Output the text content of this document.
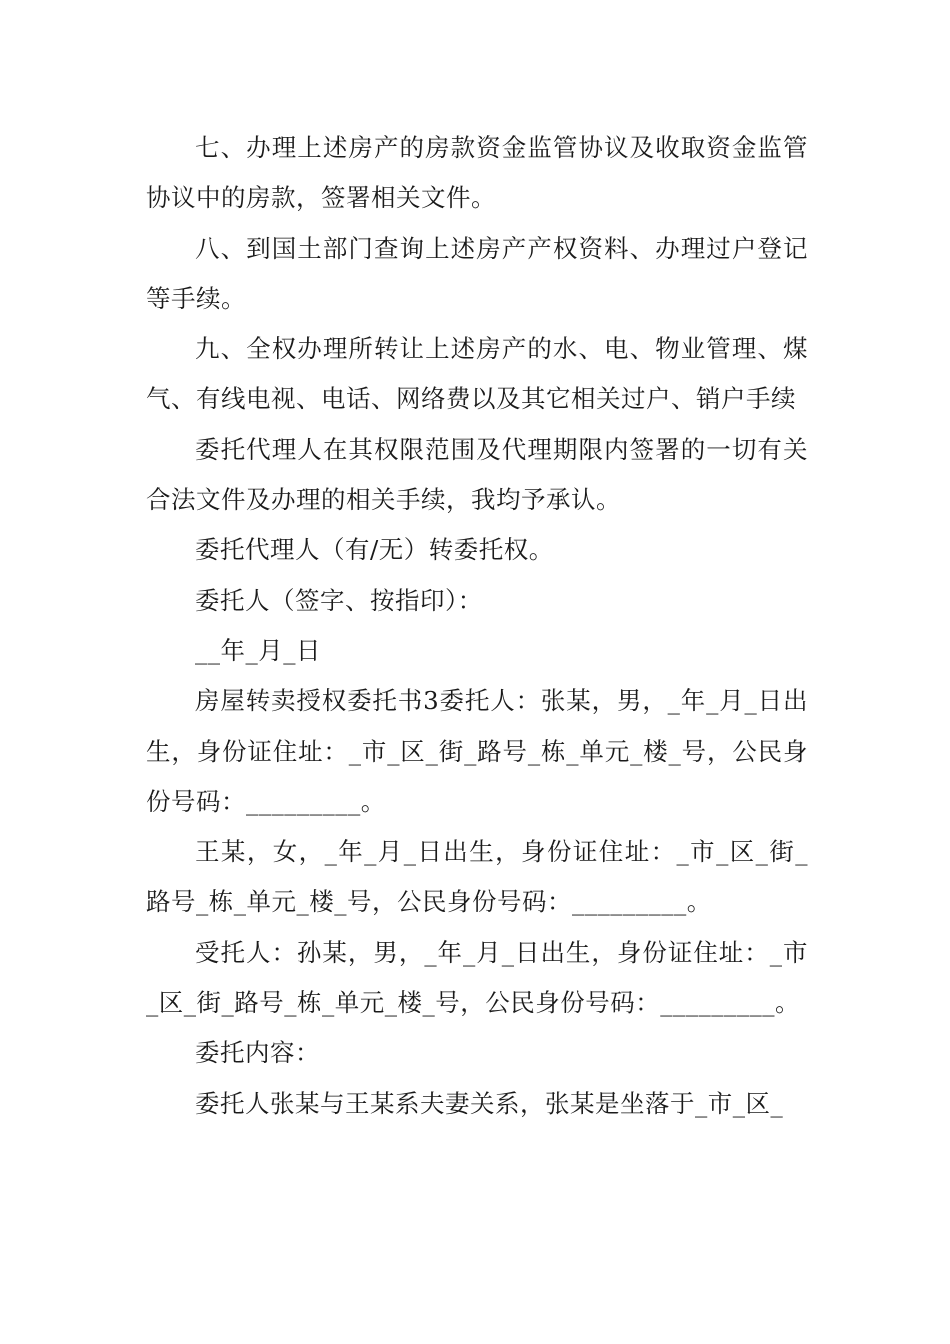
七、办理上述房产的房款资金监管协议及收取资金监管协议中的房款，签署相关文件。

八、到国土部门查询上述房产产权资料、办理过户登记等手续。

九、全权办理所转让上述房产的水、电、物业管理、煤气、有线电视、电话、网络费以及其它相关过户、销户手续

委托代理人在其权限范围及代理期限内签署的一切有关合法文件及办理的相关手续，我均予承认。

委托代理人（有/无）转委托权。

委托人（签字、按指印）：

__年_月_日

房屋转卖授权委托书3委托人：张某，男，_年_月_日出生，身份证住址：_市_区_街_路号_栋_单元_楼_号，公民身份号码：_________。

王某，女，_年_月_日出生，身份证住址：_市_区_街_路号_栋_单元_楼_号，公民身份号码：_________。

受托人：孙某，男，_年_月_日出生，身份证住址：_市_区_街_路号_栋_单元_楼_号，公民身份号码：_________。

委托内容：

委托人张某与王某系夫妻关系，张某是坐落于_市_区_
